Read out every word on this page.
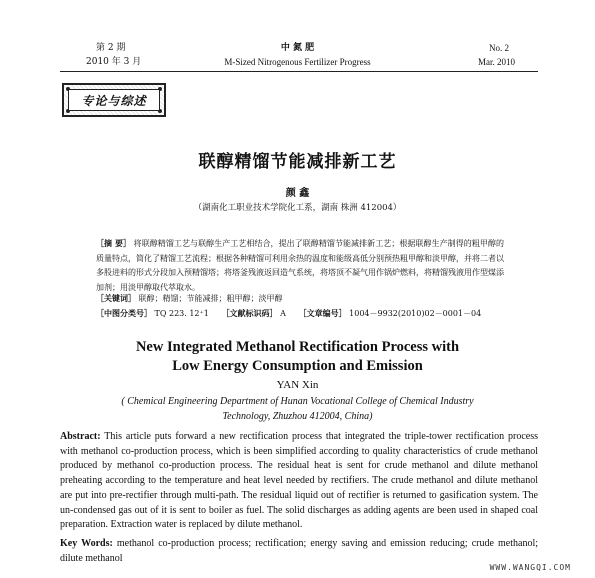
第 2 期
2010 年 3 月
中 氮 肥
M-Sized Nitrogenous Fertilizer Progress
No. 2
Mar. 2010
专论与综述
联醇精馏节能减排新工艺
颜 鑫
（湖南化工职业技术学院化工系，湖南 株洲 412004）
［摘 要］ 将联醇精馏工艺与联醇生产工艺相结合，提出了联醇精馏节能减排新工艺；根据联醇生产制得的粗甲醇的质量特点，简化了精馏工艺流程；根据各种精馏可利用余热的温度和能级高低分别预热粗甲醇和淡甲醇，并将二者以多股进料的形式分段加入预精馏塔；将塔釜残液返回造气系统，将塔顶不凝气用作锅炉燃料，将精馏残液用作型煤添加剂；用淡甲醇取代萃取水。
［关键词］ 联醇；精馏；节能减排；粗甲醇；淡甲醇
［中图分类号］ TQ 223. 12⁺1 ［文献标识码］ A ［文章编号］ 1004－9932(2010)02－0001－04
New Integrated Methanol Rectification Process with
Low Energy Consumption and Emission
YAN Xin
( Chemical Engineering Department of Hunan Vocational College of Chemical Industry
Technology, Zhuzhou 412004, China)
Abstract: This article puts forward a new rectification process that integrated the triple-tower rectification process with methanol co-production process, which is been simplified according to quality characteristics of crude methanol produced by methanol co-production process. The residual heat is sent for crude methanol and dilute methanol preheating according to the temperature and heat level needed by rectifiers. The crude methanol and dilute methanol are put into pre-rectifier through multi-path. The residual liquid out of rectifier is returned to gasification system. The un-condensed gas out of it is sent to boiler as fuel. The solid discharges as adding agents are been used in shaped coal preparation. Extraction water is replaced by dilute methanol.
Key Words: methanol co-production process; rectification; energy saving and emission reducing; crude methanol; dilute methanol
WWW.WANGQI.COM
